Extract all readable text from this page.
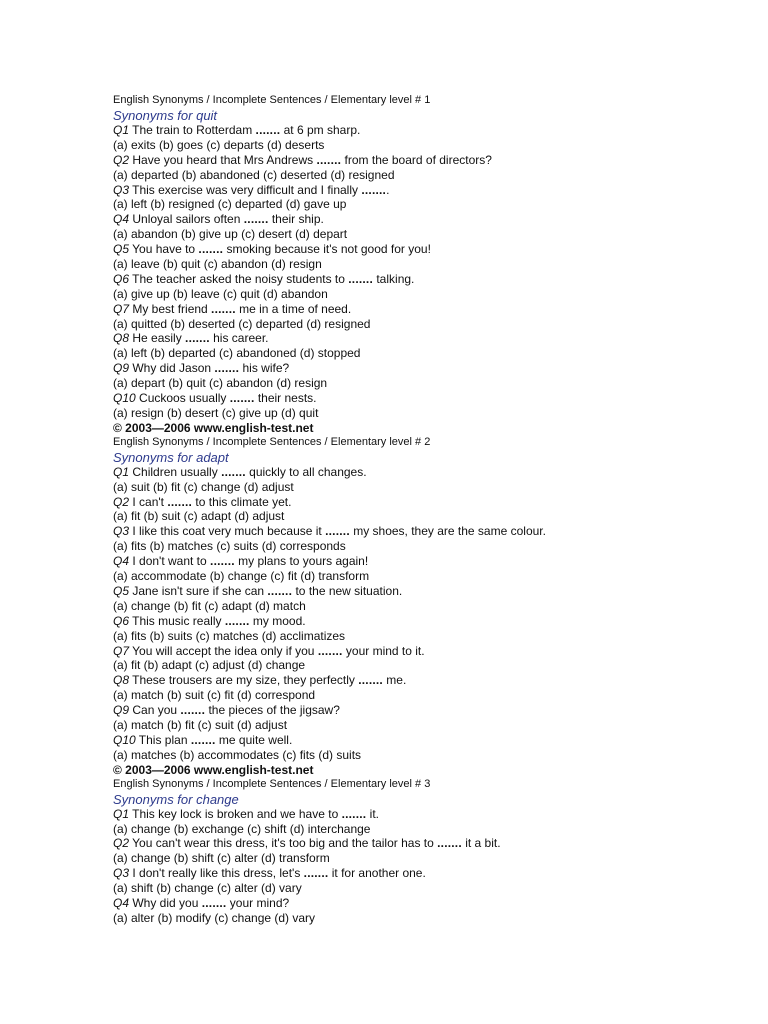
English Synonyms / Incomplete Sentences / Elementary level # 1
Synonyms for quit
Q1 The train to Rotterdam ....... at 6 pm sharp.
(a) exits (b) goes (c) departs (d) deserts
Q2 Have you heard that Mrs Andrews ....... from the board of directors?
(a) departed (b) abandoned (c) deserted (d) resigned
Q3 This exercise was very difficult and I finally ........
(a) left (b) resigned (c) departed (d) gave up
Q4 Unloyal sailors often ....... their ship.
(a) abandon (b) give up (c) desert (d) depart
Q5 You have to ....... smoking because it's not good for you!
(a) leave (b) quit (c) abandon (d) resign
Q6 The teacher asked the noisy students to ....... talking.
(a) give up (b) leave (c) quit (d) abandon
Q7 My best friend ....... me in a time of need.
(a) quitted (b) deserted (c) departed (d) resigned
Q8 He easily ....... his career.
(a) left (b) departed (c) abandoned (d) stopped
Q9 Why did Jason ....... his wife?
(a) depart (b) quit (c) abandon (d) resign
Q10 Cuckoos usually ....... their nests.
(a) resign (b) desert (c) give up (d) quit
© 2003—2006 www.english-test.net
English Synonyms / Incomplete Sentences / Elementary level # 2
Synonyms for adapt
Q1 Children usually ....... quickly to all changes.
(a) suit (b) fit (c) change (d) adjust
Q2 I can't ....... to this climate yet.
(a) fit (b) suit (c) adapt (d) adjust
Q3 I like this coat very much because it ....... my shoes, they are the same colour.
(a) fits (b) matches (c) suits (d) corresponds
Q4 I don't want to ....... my plans to yours again!
(a) accommodate (b) change (c) fit (d) transform
Q5 Jane isn't sure if she can ....... to the new situation.
(a) change (b) fit (c) adapt (d) match
Q6 This music really ....... my mood.
(a) fits (b) suits (c) matches (d) acclimatizes
Q7 You will accept the idea only if you ....... your mind to it.
(a) fit (b) adapt (c) adjust (d) change
Q8 These trousers are my size, they perfectly ....... me.
(a) match (b) suit (c) fit (d) correspond
Q9 Can you ....... the pieces of the jigsaw?
(a) match (b) fit (c) suit (d) adjust
Q10 This plan ....... me quite well.
(a) matches (b) accommodates (c) fits (d) suits
© 2003—2006 www.english-test.net
English Synonyms / Incomplete Sentences / Elementary level # 3
Synonyms for change
Q1 This key lock is broken and we have to ....... it.
(a) change (b) exchange (c) shift (d) interchange
Q2 You can't wear this dress, it's too big and the tailor has to ....... it a bit.
(a) change (b) shift (c) alter (d) transform
Q3 I don't really like this dress, let's ....... it for another one.
(a) shift (b) change (c) alter (d) vary
Q4 Why did you ....... your mind?
(a) alter (b) modify (c) change (d) vary
